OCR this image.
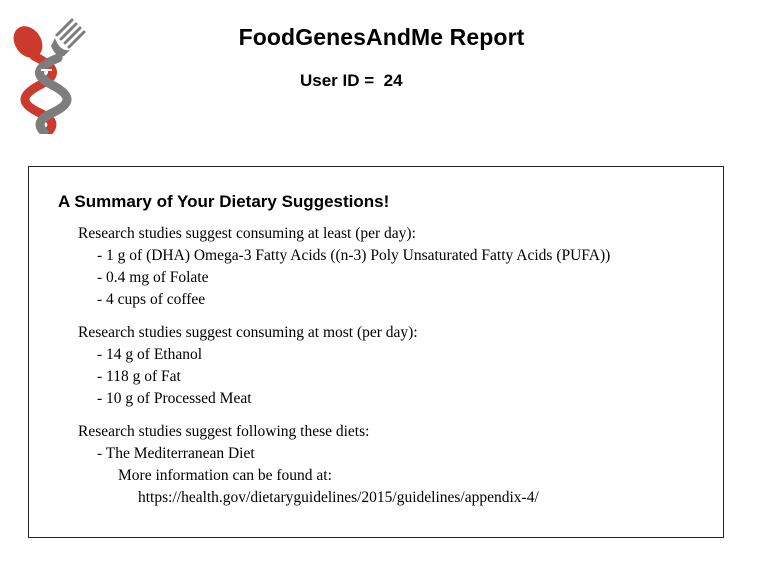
FoodGenesAndMe Report
User ID = 24
A Summary of Your Dietary Suggestions!
Research studies suggest consuming at least (per day):
- 1 g of (DHA) Omega-3 Fatty Acids ((n-3) Poly Unsaturated Fatty Acids (PUFA))
- 0.4 mg of Folate
- 4 cups of coffee
Research studies suggest consuming at most (per day):
- 14 g of Ethanol
- 118 g of Fat
- 10 g of Processed Meat
Research studies suggest following these diets:
- The Mediterranean Diet
More information can be found at:
https://health.gov/dietaryguidelines/2015/guidelines/appendix-4/
